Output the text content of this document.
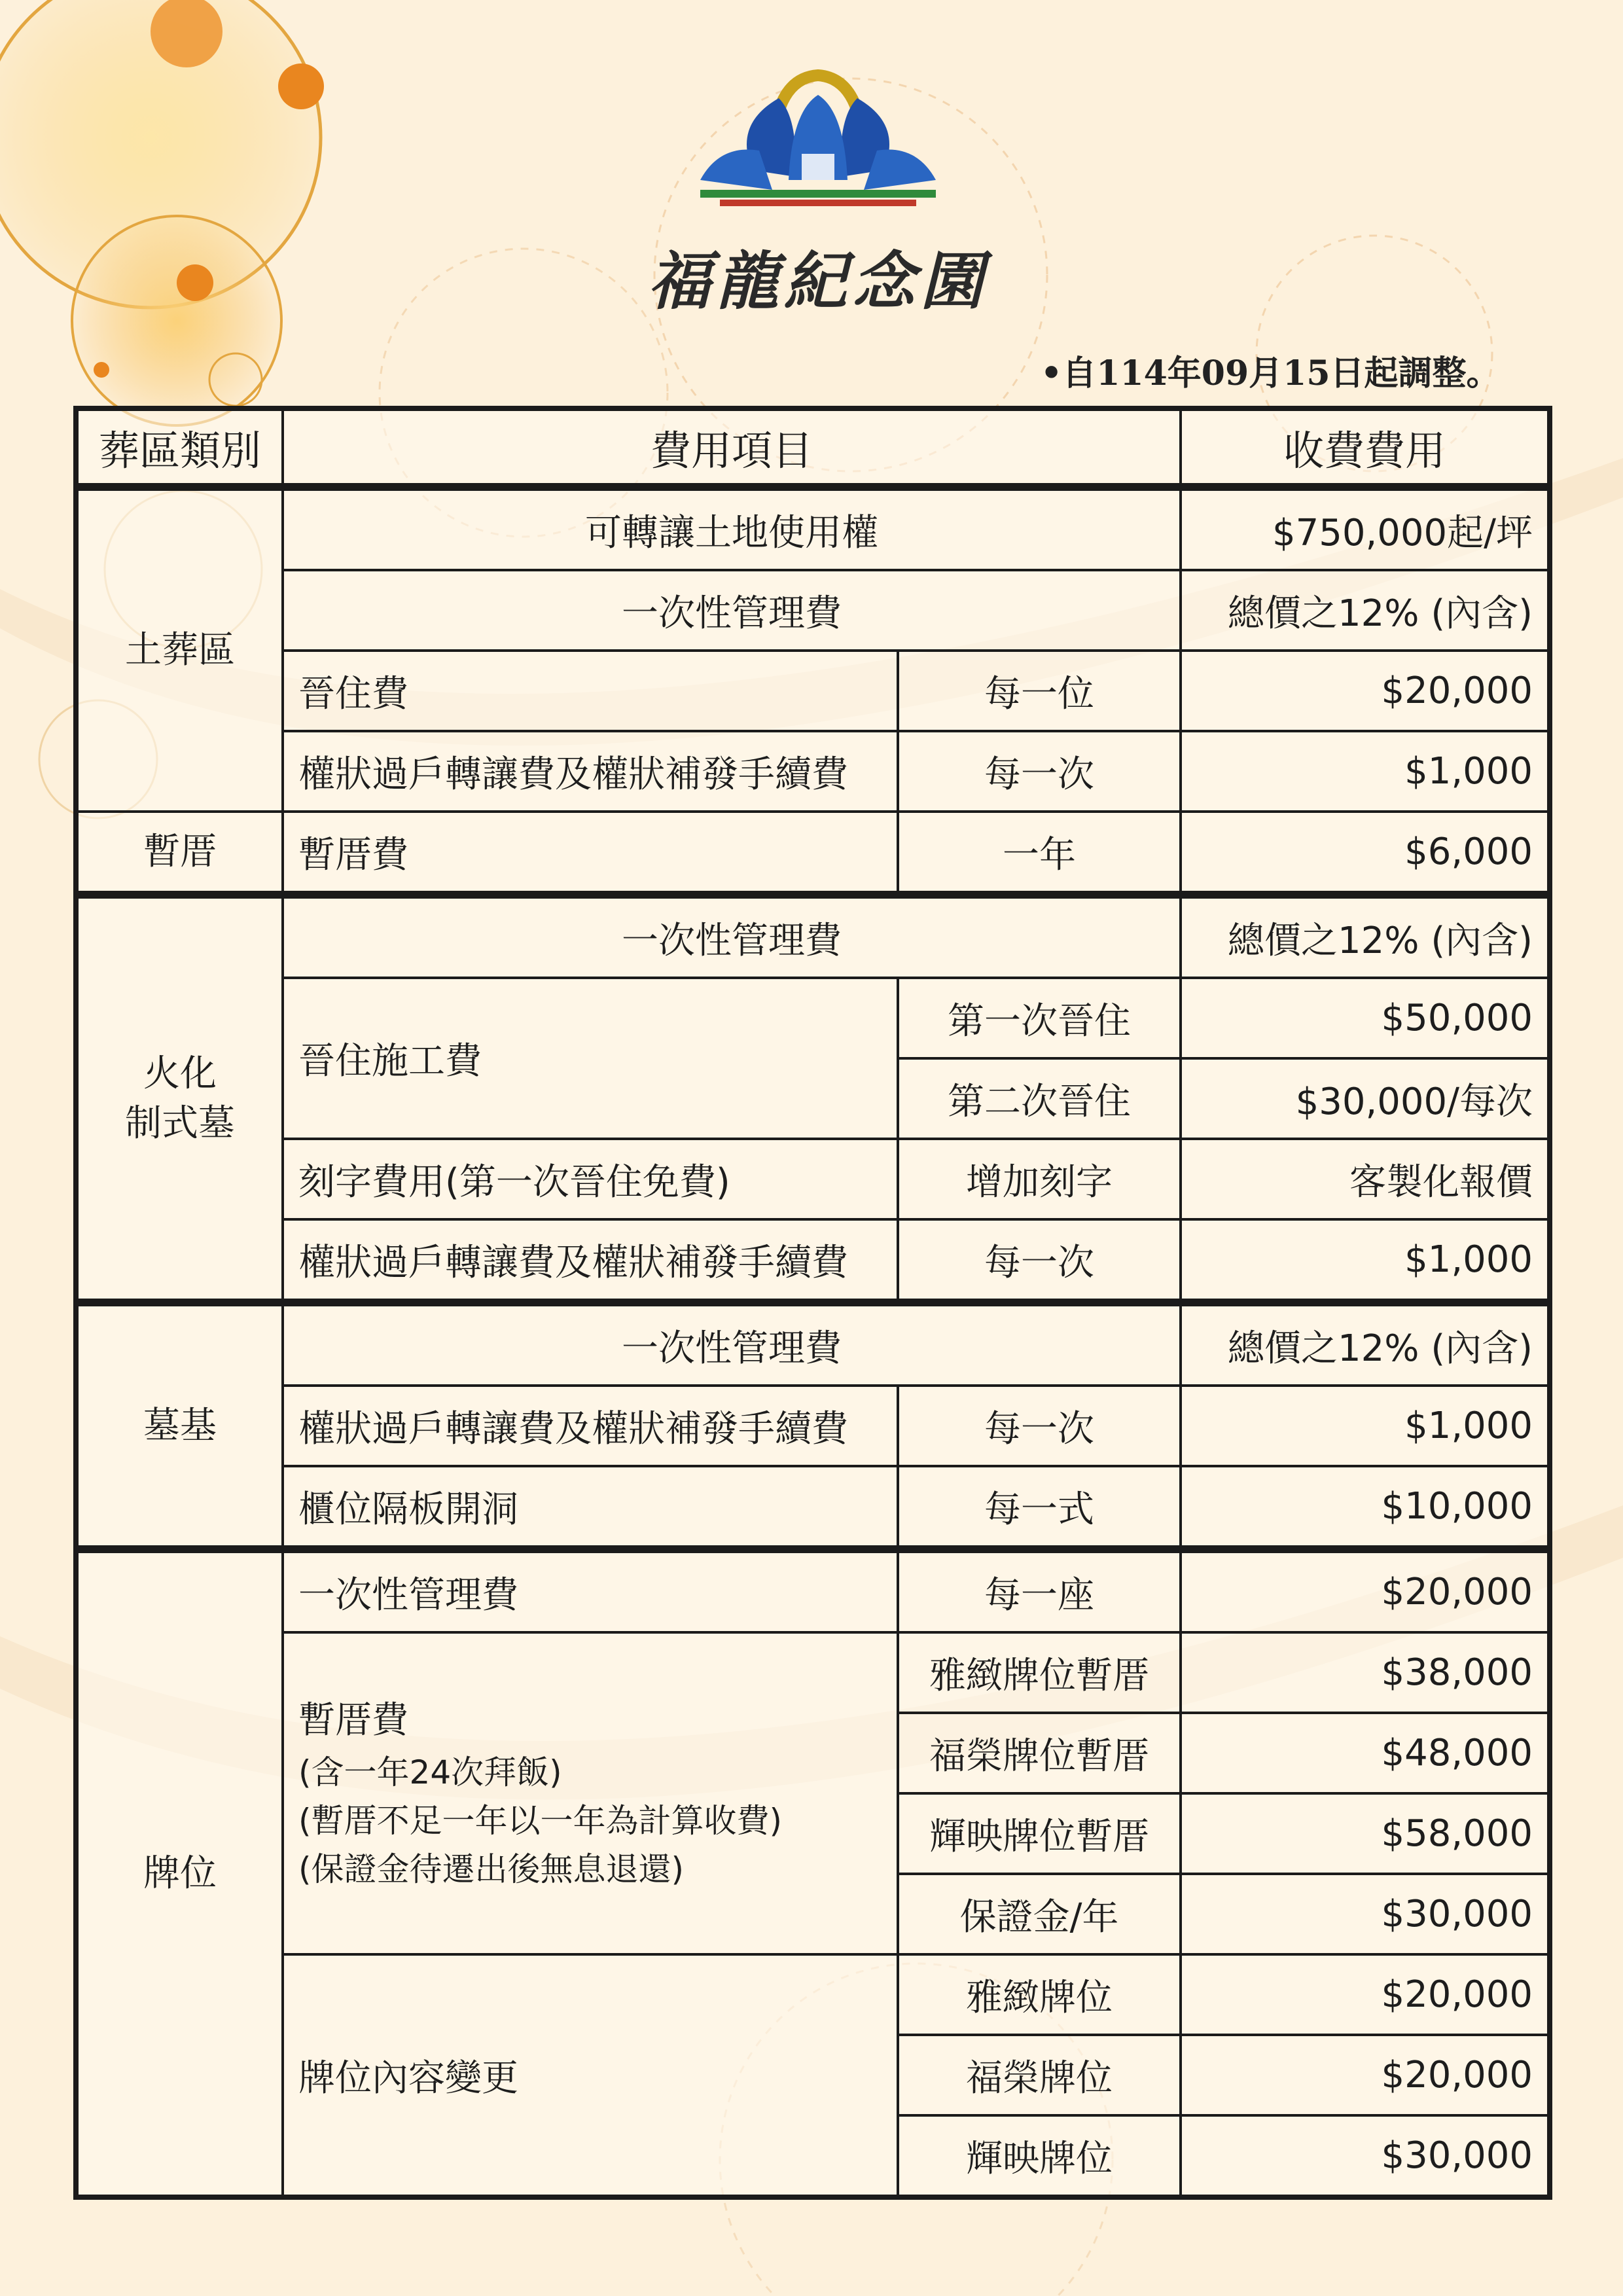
福龍紀念園
•自114年09月15日起調整。
葬區類別	費用項目		收費費用
土葬區	可轉讓土地使用權		$750,000起/坪
	一次性管理費		總價之12% (內含)
	晉住費	每一位	$20,000
	權狀過戶轉讓費及權狀補發手續費	每一次	$1,000
暫厝	暫厝費	一年	$6,000
火化
制式墓	一次性管理費		總價之12% (內含)
	晉住施工費	第一次晉住	$50,000
		第二次晉住	$30,000/每次
	刻字費用(第一次晉住免費)	增加刻字	客製化報價
	權狀過戶轉讓費及權狀補發手續費	每一次	$1,000
墓基	一次性管理費		總價之12% (內含)
	權狀過戶轉讓費及權狀補發手續費	每一次	$1,000
	櫃位隔板開洞	每一式	$10,000
牌位	一次性管理費	每一座	$20,000

	暫厝費
(含一年24次拜飯)
(暫厝不足一年以一年為計算收費)
(保證金待遷出後無息退還)	雅緻牌位暫厝	$38,000
		福榮牌位暫厝	$48,000
		輝映牌位暫厝	$58,000
		保證金/年	$30,000
	牌位內容變更	雅緻牌位	$20,000
		福榮牌位	$20,000
		輝映牌位	$30,000
